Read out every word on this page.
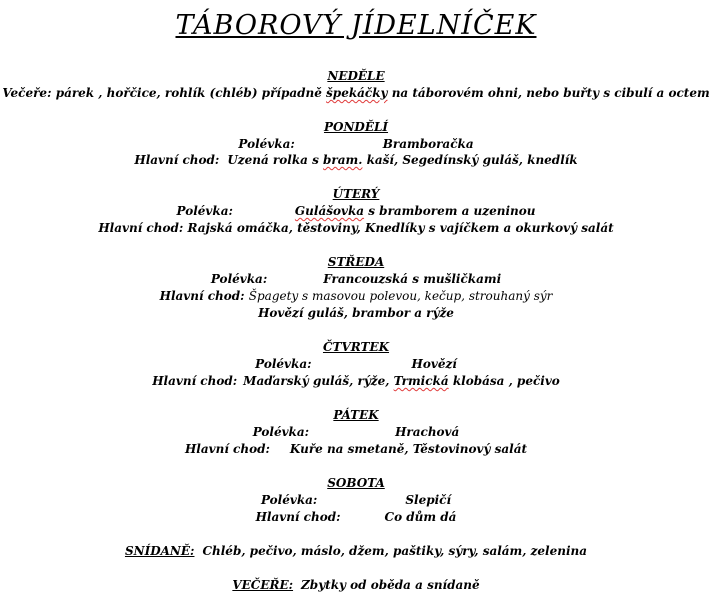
TÁBOROVÝ JÍDELNÍČEK
NEDĚLE
Večeře: párek , hořčice, rohlík (chléb) případně špekáčky na táborovém ohni, nebo buřty s cibulí a octem
PONDĚLÍ
Polévka:	Bramboračka
Hlavní chod: Uzená rolka s bram. kaší, Segedínský guláš, knedlík
ÚTERÝ
Polévka:	Gulášovka s bramborem a uzeninou
Hlavní chod: Rajská omáčka, těstoviny, Knedlíky s vajíčkem a okurkový salát
STŘEDA
Polévka:	Francouzská s mušličkami
Hlavní chod: Špagety s masovou polevou, kečup, strouhaný sýr
Hovězí guláš, brambor a rýže
ČTVRTEK
Polévka:	Hovězí
Hlavní chod: Maďarský guláš, rýže, Trmická klobása , pečivo
PÁTEK
Polévka:	Hrachová
Hlavní chod: Kuře na smetaně, Těstovinový salát
SOBOTA
Polévka:	Slepičí
Hlavní chod:	Co dům dá
SNÍDANĚ: Chléb, pečivo, máslo, džem, paštiky, sýry, salám, zelenina
VEČEŘE: Zbytky od oběda a snídaně
